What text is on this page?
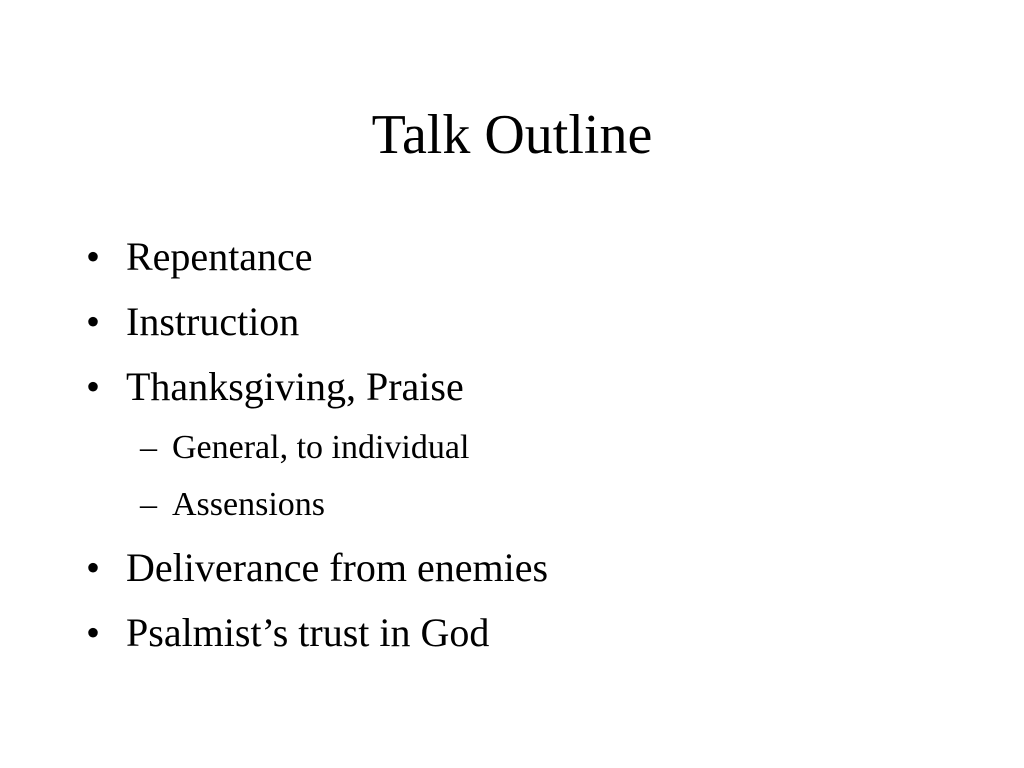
Talk Outline
• Repentance
• Instruction
• Thanksgiving, Praise
– General, to individual
– Assensions
• Deliverance from enemies
• Psalmist’s trust in God
